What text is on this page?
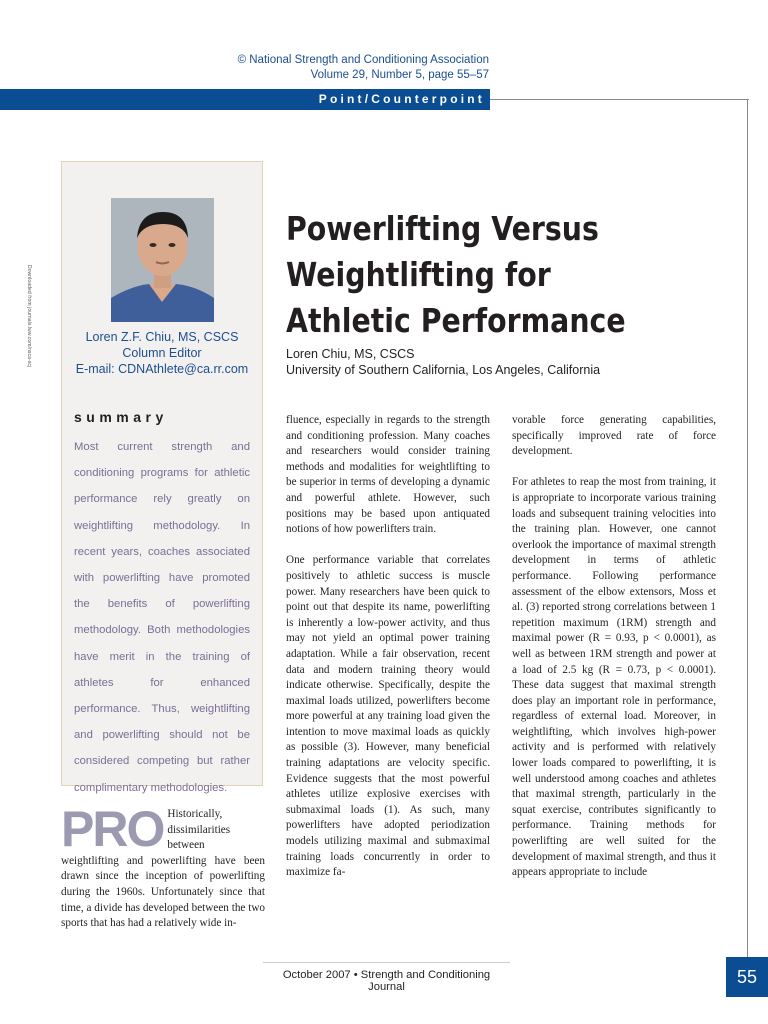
© National Strength and Conditioning Association
Volume 29, Number 5, page 55–57
Point/Counterpoint
Loren Z.F. Chiu, MS, CSCS
Column Editor
E-mail: CDNAthlete@ca.rr.com
summary
Most current strength and conditioning programs for athletic performance rely greatly on weightlifting methodology. In recent years, coaches associated with powerlifting have promoted the benefits of powerlifting methodology. Both methodologies have merit in the training of athletes for enhanced performance. Thus, weightlifting and powerlifting should not be considered competing but rather complimentary methodologies.
Downloaded from journals.lww.com/nsca-scj
Powerlifting Versus Weightlifting for Athletic Performance
Loren Chiu, MS, CSCS
University of Southern California, Los Angeles, California
PRO Historically, dissimilarities between weightlifting and powerlifting have been drawn since the inception of powerlifting during the 1960s. Unfortunately since that time, a divide has developed between the two sports that has had a relatively wide in-

fluence, especially in regards to the strength and conditioning profession. Many coaches and researchers would consider training methods and modalities for weightlifting to be superior in terms of developing a dynamic and powerful athlete. However, such positions may be based upon antiquated notions of how powerlifters train.

One performance variable that correlates positively to athletic success is muscle power. Many researchers have been quick to point out that despite its name, powerlifting is inherently a low-power activity, and thus may not yield an optimal power training adaptation. While a fair observation, recent data and modern training theory would indicate otherwise. Specifically, despite the maximal loads utilized, powerlifters become more powerful at any training load given the intention to move maximal loads as quickly as possible (3). However, many beneficial training adaptations are velocity specific. Evidence suggests that the most powerful athletes utilize explosive exercises with submaximal loads (1). As such, many powerlifters have adopted periodization models utilizing maximal and submaximal training loads concurrently in order to maximize fa-

vorable force generating capabilities, specifically improved rate of force development.

For athletes to reap the most from training, it is appropriate to incorporate various training loads and subsequent training velocities into the training plan. However, one cannot overlook the importance of maximal strength development in terms of athletic performance. Following performance assessment of the elbow extensors, Moss et al. (3) reported strong correlations between 1 repetition maximum (1RM) strength and maximal power (R = 0.93, p < 0.0001), as well as between 1RM strength and power at a load of 2.5 kg (R = 0.73, p < 0.0001). These data suggest that maximal strength does play an important role in performance, regardless of external load. Moreover, in weightlifting, which involves high-power activity and is performed with relatively lower loads compared to powerlifting, it is well understood among coaches and athletes that maximal strength, particularly in the squat exercise, contributes significantly to performance. Training methods for powerlifting are well suited for the development of maximal strength, and thus it appears appropriate to include

October 2007 • Strength and Conditioning Journal	55
